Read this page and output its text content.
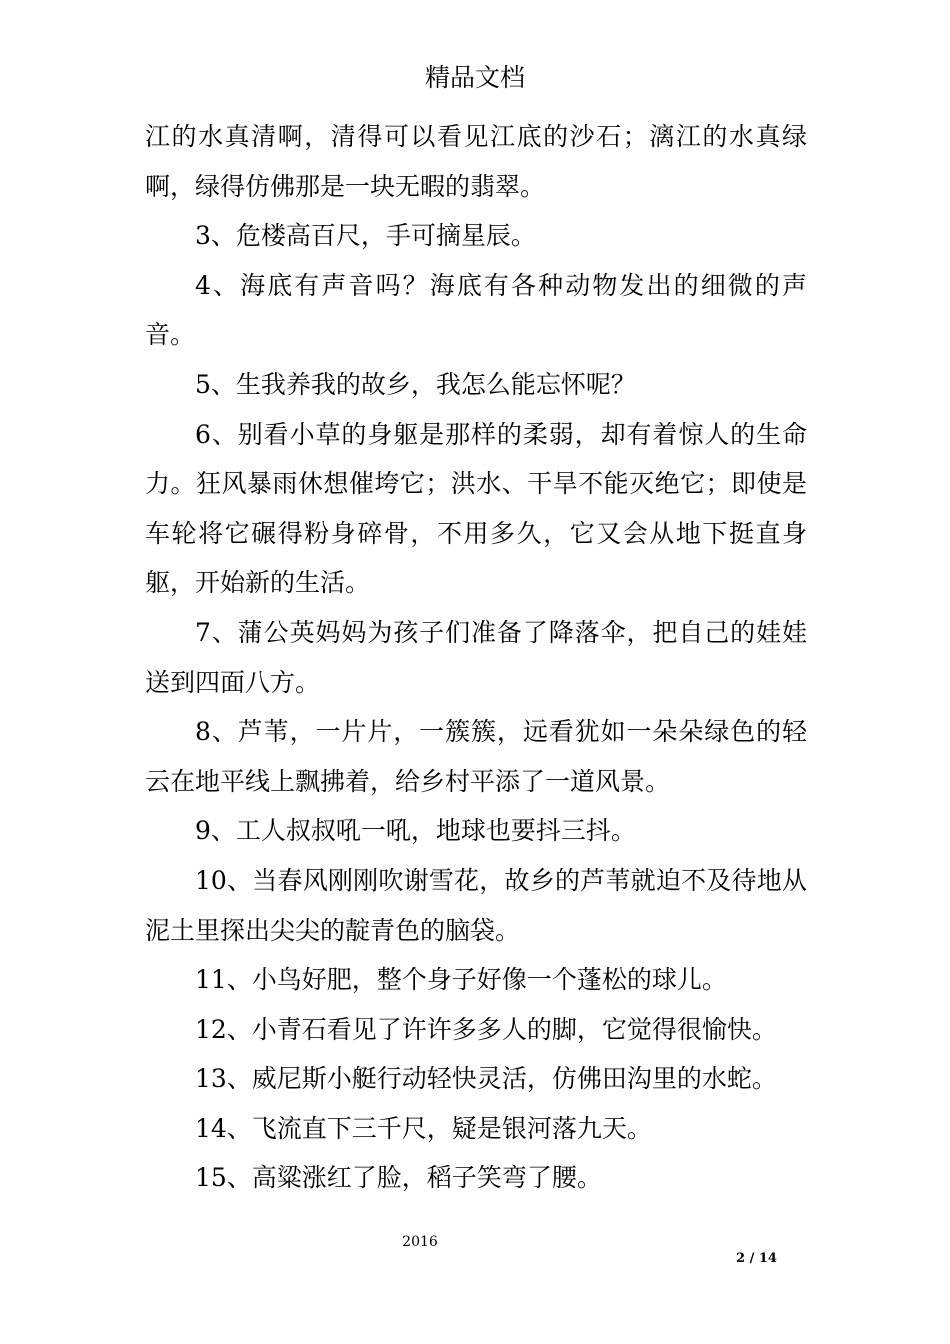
精品文档

江的水真清啊，清得可以看见江底的沙石；漓江的水真绿啊，绿得仿佛那是一块无暇的翡翠。

3、危楼高百尺，手可摘星辰。

4、海底有声音吗？海底有各种动物发出的细微的声音。

5、生我养我的故乡，我怎么能忘怀呢？

6、别看小草的身躯是那样的柔弱，却有着惊人的生命力。狂风暴雨休想催垮它；洪水、干旱不能灭绝它；即使是车轮将它碾得粉身碎骨，不用多久，它又会从地下挺直身躯，开始新的生活。

7、蒲公英妈妈为孩子们准备了降落伞，把自己的娃娃送到四面八方。

8、芦苇，一片片，一簇簇，远看犹如一朵朵绿色的轻云在地平线上飘拂着，给乡村平添了一道风景。

9、工人叔叔吼一吼，地球也要抖三抖。

10、当春风刚刚吹谢雪花，故乡的芦苇就迫不及待地从泥土里探出尖尖的靛青色的脑袋。

11、小鸟好肥，整个身子好像一个蓬松的球儿。

12、小青石看见了许许多多人的脚，它觉得很愉快。

13、威尼斯小艇行动轻快灵活，仿佛田沟里的水蛇。

14、飞流直下三千尺，疑是银河落九天。

15、高粱涨红了脸，稻子笑弯了腰。

2016
2 / 14
